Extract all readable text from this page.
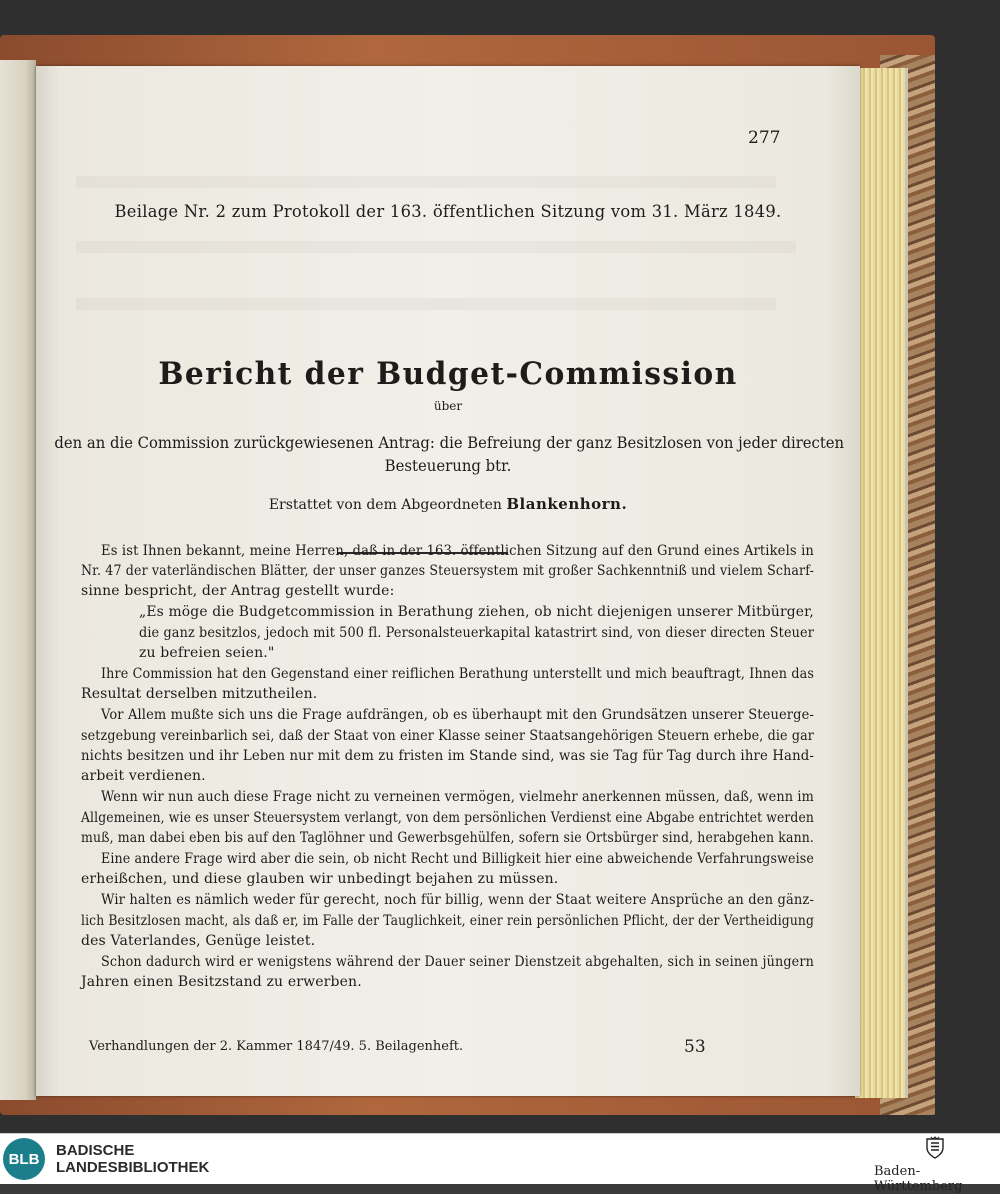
277

Beilage Nr. 2 zum Protokoll der 163. öffentlichen Sitzung vom 31. März 1849.

Bericht der Budget-Commission

über

den an die Commission zurückgewiesenen Antrag: die Befreiung der ganz Besitzlosen von jeder directen

Besteuerung btr.

Erstattet von dem Abgeordneten Blankenhorn.

Es ist Ihnen bekannt, meine Herren, daß in der 163. öffentlichen Sitzung auf den Grund eines Artikels in

Nr. 47 der vaterländischen Blätter, der unser ganzes Steuersystem mit großer Sachkenntniß und vielem Scharf-

sinne bespricht, der Antrag gestellt wurde:

„Es möge die Budgetcommission in Berathung ziehen, ob nicht diejenigen unserer Mitbürger,

die ganz besitzlos, jedoch mit 500 fl. Personalsteuerkapital katastrirt sind, von dieser directen Steuer

zu befreien seien."

Ihre Commission hat den Gegenstand einer reiflichen Berathung unterstellt und mich beauftragt, Ihnen das

Resultat derselben mitzutheilen.

Vor Allem mußte sich uns die Frage aufdrängen, ob es überhaupt mit den Grundsätzen unserer Steuerge-

setzgebung vereinbarlich sei, daß der Staat von einer Klasse seiner Staatsangehörigen Steuern erhebe, die gar

nichts besitzen und ihr Leben nur mit dem zu fristen im Stande sind, was sie Tag für Tag durch ihre Hand-

arbeit verdienen.

Wenn wir nun auch diese Frage nicht zu verneinen vermögen, vielmehr anerkennen müssen, daß, wenn im

Allgemeinen, wie es unser Steuersystem verlangt, von dem persönlichen Verdienst eine Abgabe entrichtet werden

muß, man dabei eben bis auf den Taglöhner und Gewerbsgehülfen, sofern sie Ortsbürger sind, herabgehen kann.

Eine andere Frage wird aber die sein, ob nicht Recht und Billigkeit hier eine abweichende Verfahrungsweise

erheißchen, und diese glauben wir unbedingt bejahen zu müssen.

Wir halten es nämlich weder für gerecht, noch für billig, wenn der Staat weitere Ansprüche an den gänz-

lich Besitzlosen macht, als daß er, im Falle der Tauglichkeit, einer rein persönlichen Pflicht, der der Vertheidigung

des Vaterlandes, Genüge leistet.

Schon dadurch wird er wenigstens während der Dauer seiner Dienstzeit abgehalten, sich in seinen jüngern

Jahren einen Besitzstand zu erwerben.

Verhandlungen der 2. Kammer 1847/49. 5. Beilagenheft.	53

BLB	BADISCHE
LANDESBIBLIOTHEK	Baden-Württemberg
